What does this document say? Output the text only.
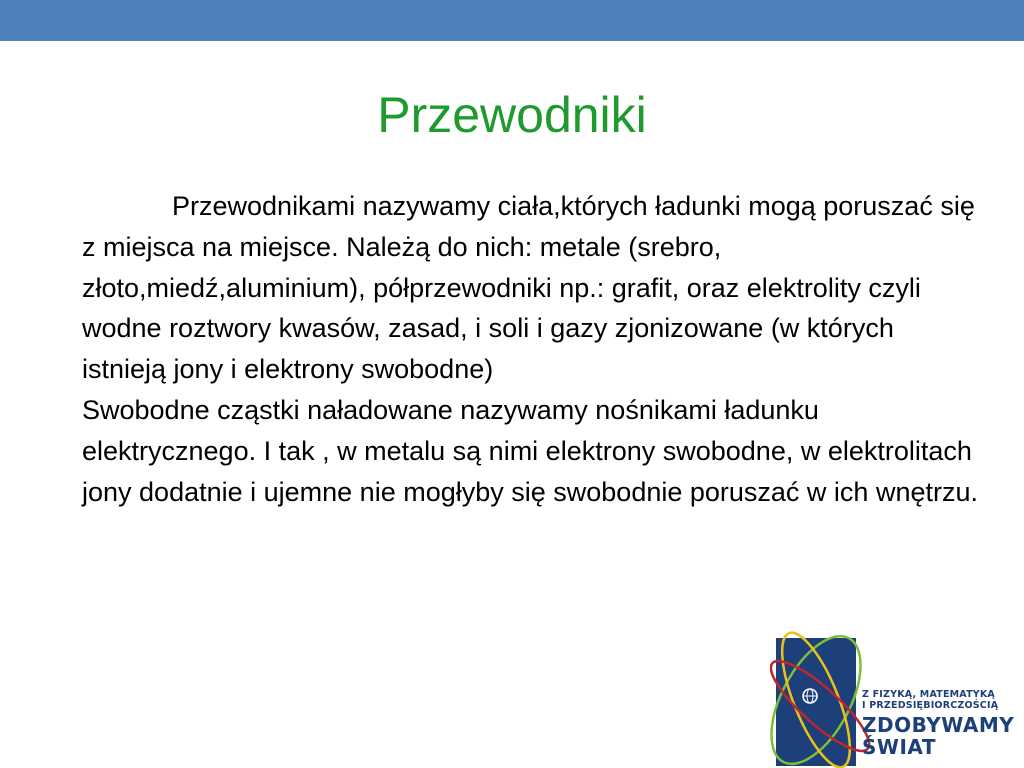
Przewodniki

Przewodnikami nazywamy ciała,których ładunki mogą poruszać się z miejsca na miejsce. Należą do nich: metale (srebro, złoto,miedź,aluminium), półprzewodniki np.: grafit, oraz elektrolity czyli wodne roztwory kwasów, zasad, i soli i gazy zjonizowane (w których istnieją jony i elektrony swobodne)

Swobodne cząstki naładowane nazywamy nośnikami ładunku elektrycznego. I tak , w metalu są nimi elektrony swobodne, w elektrolitach jony dodatnie i ujemne nie mogłyby się swobodnie poruszać w ich wnętrzu.

Z FIZYKĄ, MATEMATYKĄ
I PRZEDSIĘBIORCZOŚCIĄ
ZDOBYWAMY
ŚWIAT
